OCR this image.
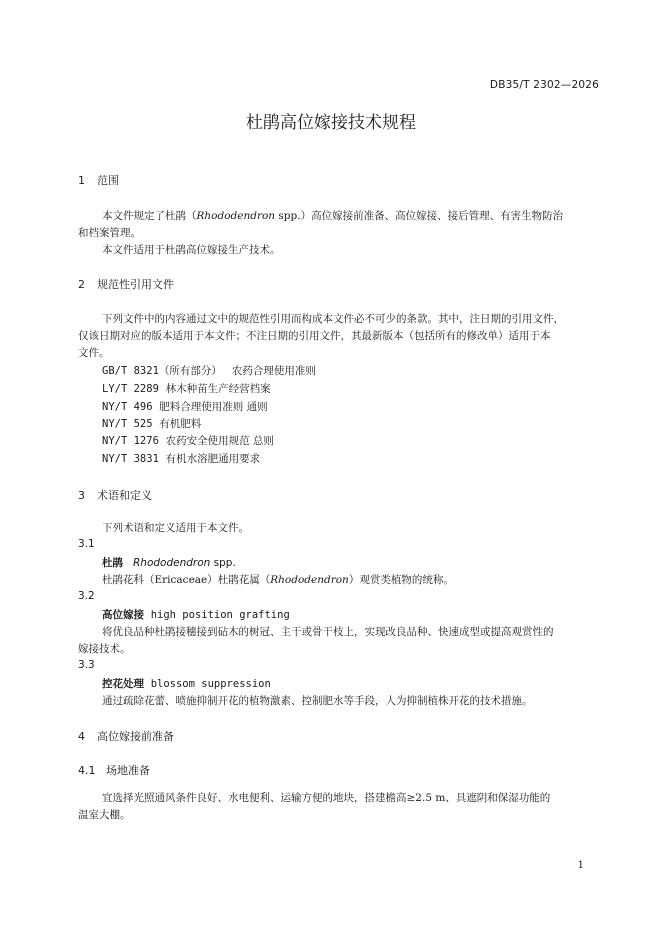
DB35/T 2302—2026
杜鹃高位嫁接技术规程
1 范围
本文件规定了杜鹃（Rhododendron spp.）高位嫁接前准备、高位嫁接、接后管理、有害生物防治
和档案管理。
本文件适用于杜鹃高位嫁接生产技术。
2 规范性引用文件
下列文件中的内容通过文中的规范性引用而构成本文件必不可少的条款。其中，注日期的引用文件，
仅该日期对应的版本适用于本文件；不注日期的引用文件，其最新版本（包括所有的修改单）适用于本
文件。
GB/T 8321（所有部分） 农药合理使用准则
LY/T 2289 林木种苗生产经营档案
NY/T 496 肥料合理使用准则 通则
NY/T 525 有机肥料
NY/T 1276 农药安全使用规范 总则
NY/T 3831 有机水溶肥通用要求
3 术语和定义
下列术语和定义适用于本文件。
3.1
杜鹃 Rhododendron spp.
杜鹃花科（Ericaceae）杜鹃花属（Rhododendron）观赏类植物的统称。
3.2
高位嫁接 high position grafting
将优良品种杜鹃接穗接到砧木的树冠、主干或骨干枝上，实现改良品种、快速成型或提高观赏性的
嫁接技术。
3.3
控花处理 blossom suppression
通过疏除花蕾、喷施抑制开花的植物激素、控制肥水等手段，人为抑制植株开花的技术措施。
4 高位嫁接前准备
4.1 场地准备
宜选择光照通风条件良好、水电便利、运输方便的地块，搭建檐高≥2.5 m、具遮阴和保湿功能的
温室大棚。
1
